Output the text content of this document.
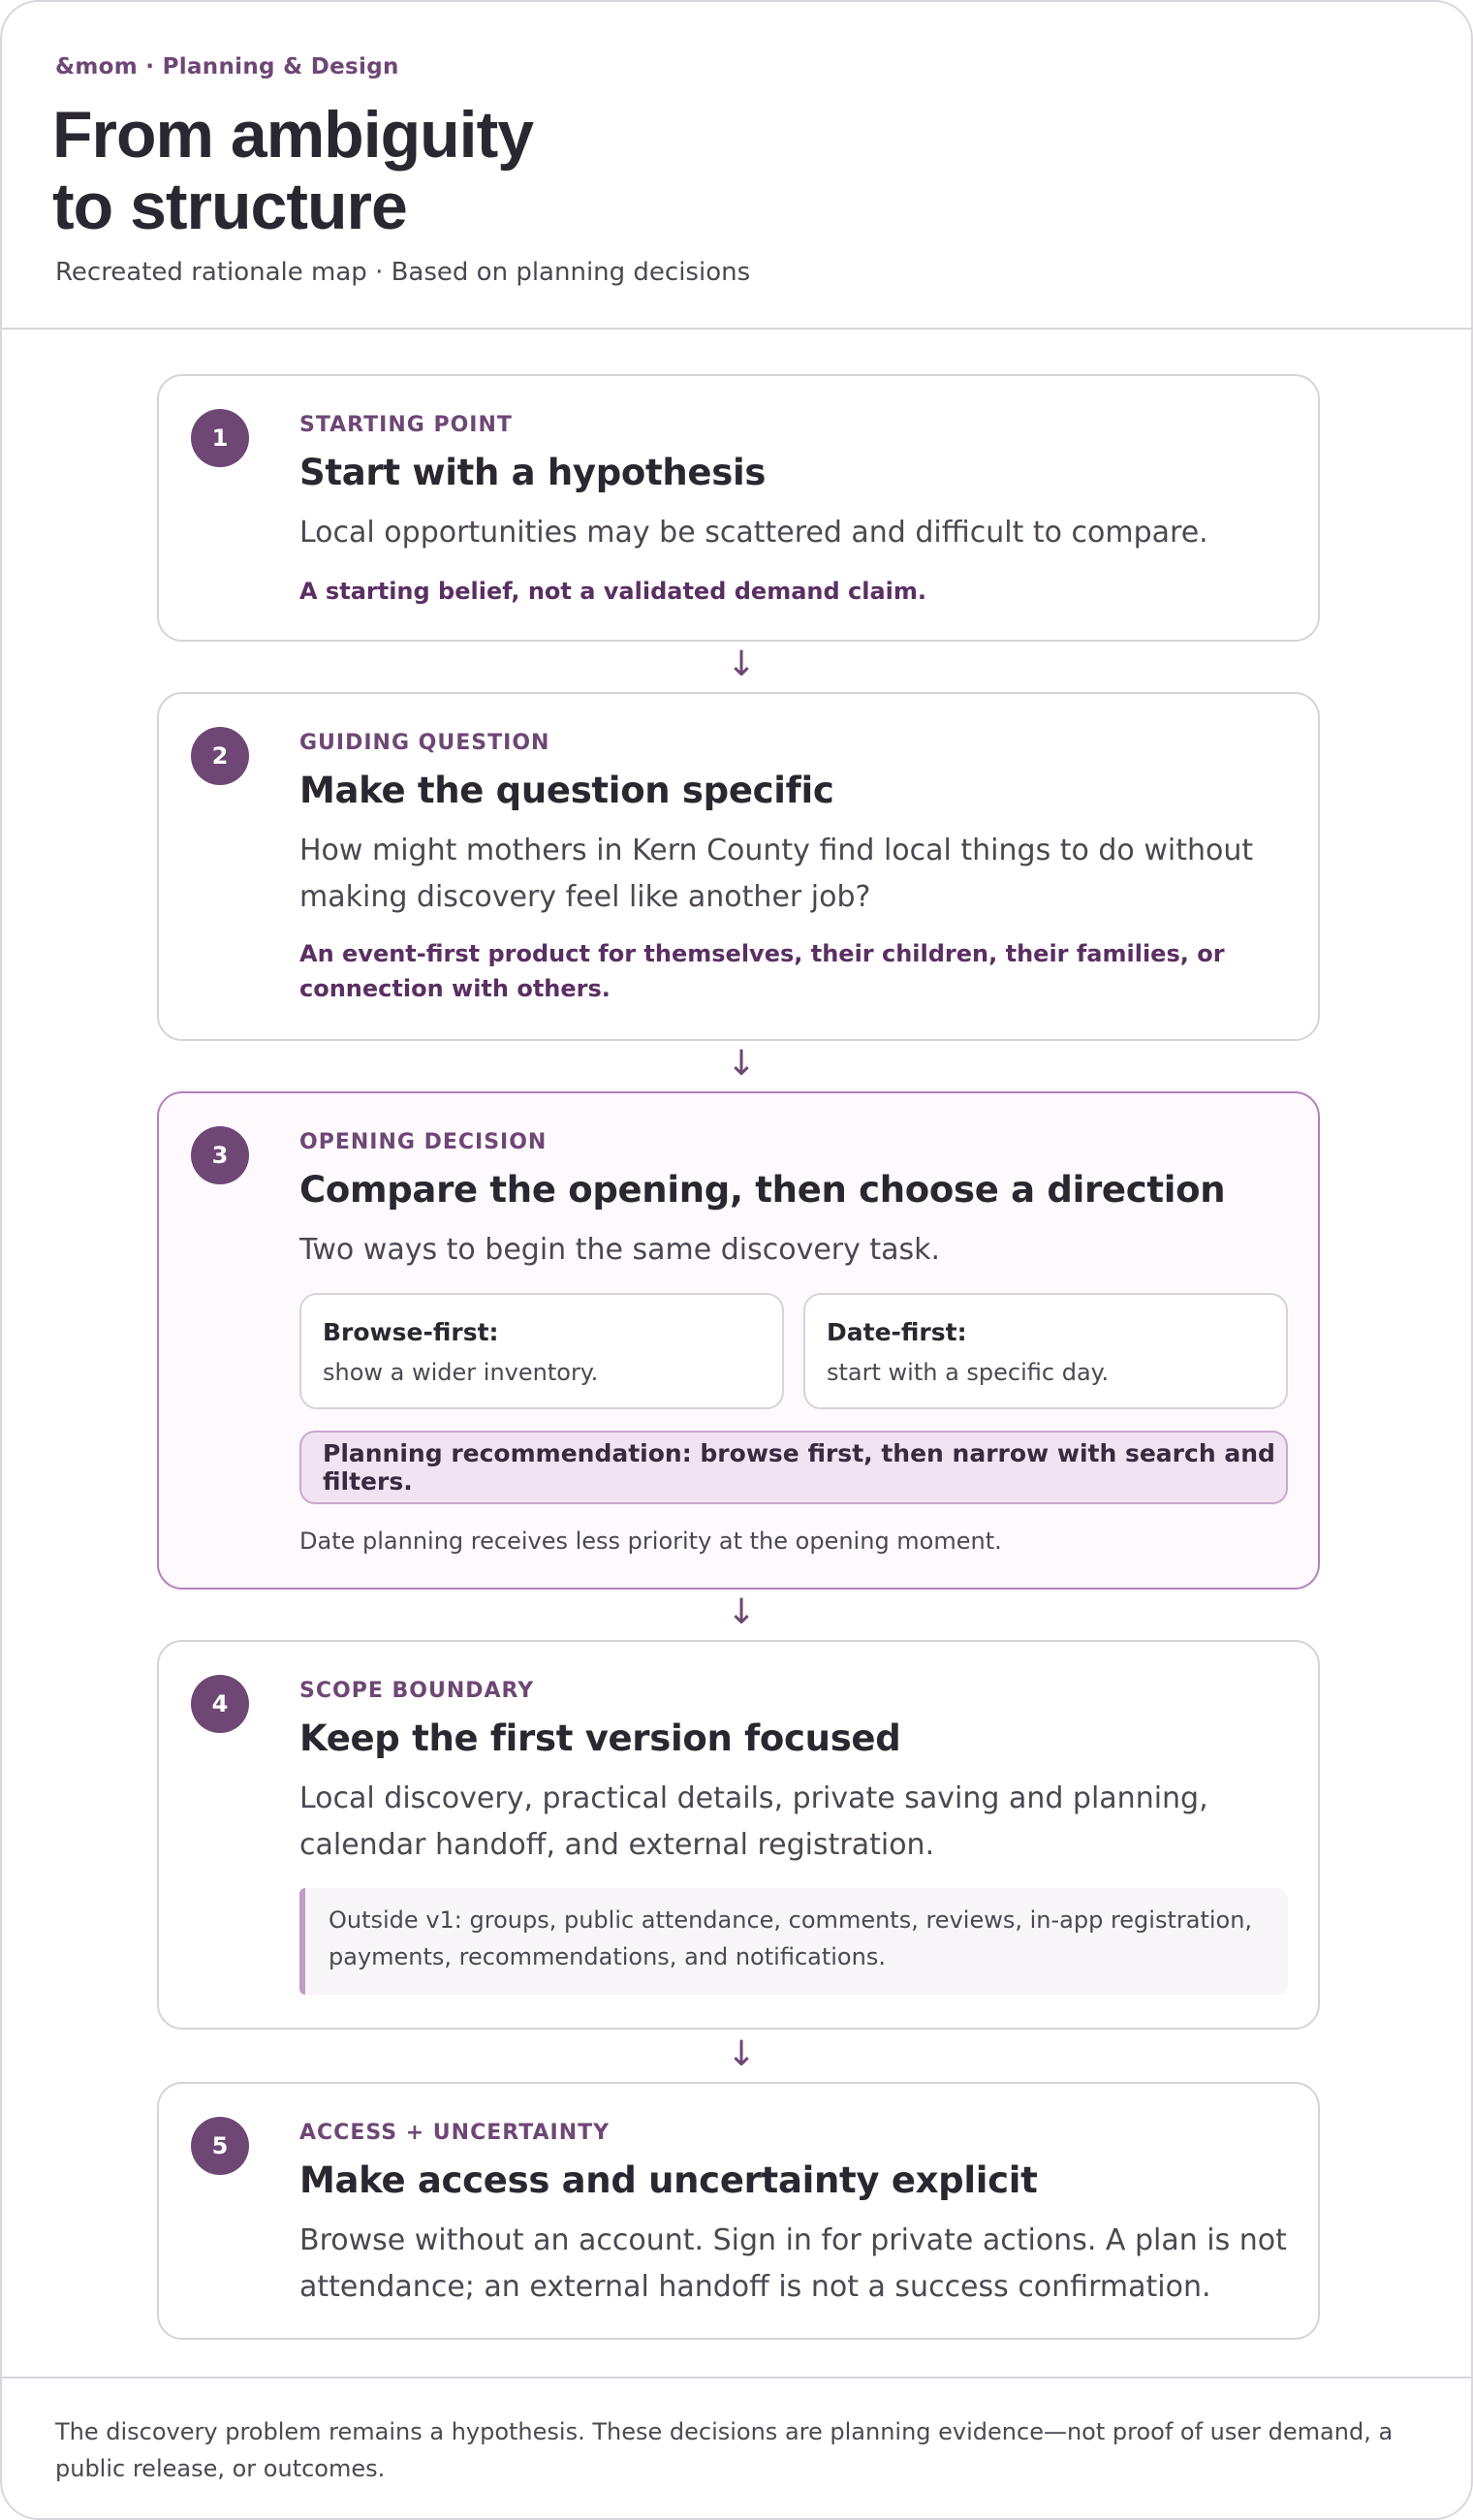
&mom · Planning & Design
From ambiguity
to structure
Recreated rationale map · Based on planning decisions
1	STARTING POINT
Start with a hypothesis
Local opportunities may be scattered and difficult to compare.
A starting belief, not a validated demand claim.
↓
2	GUIDING QUESTION
Make the question specific
How might mothers in Kern County find local things to do without making discovery feel like another job?
An event-first product for themselves, their children, their families, or connection with others.
↓
3	OPENING DECISION
Compare the opening, then choose a direction
Two ways to begin the same discovery task.
Browse-first:
show a wider inventory.
Date-first:
start with a specific day.
Planning recommendation: browse first, then narrow with search and filters.
Date planning receives less priority at the opening moment.
↓
4	SCOPE BOUNDARY
Keep the first version focused
Local discovery, practical details, private saving and planning, calendar handoff, and external registration.
Outside v1: groups, public attendance, comments, reviews, in-app registration, payments, recommendations, and notifications.
↓
5	ACCESS + UNCERTAINTY
Make access and uncertainty explicit
Browse without an account. Sign in for private actions. A plan is not attendance; an external handoff is not a success confirmation.
The discovery problem remains a hypothesis. These decisions are planning evidence—not proof of user demand, a public release, or outcomes.
